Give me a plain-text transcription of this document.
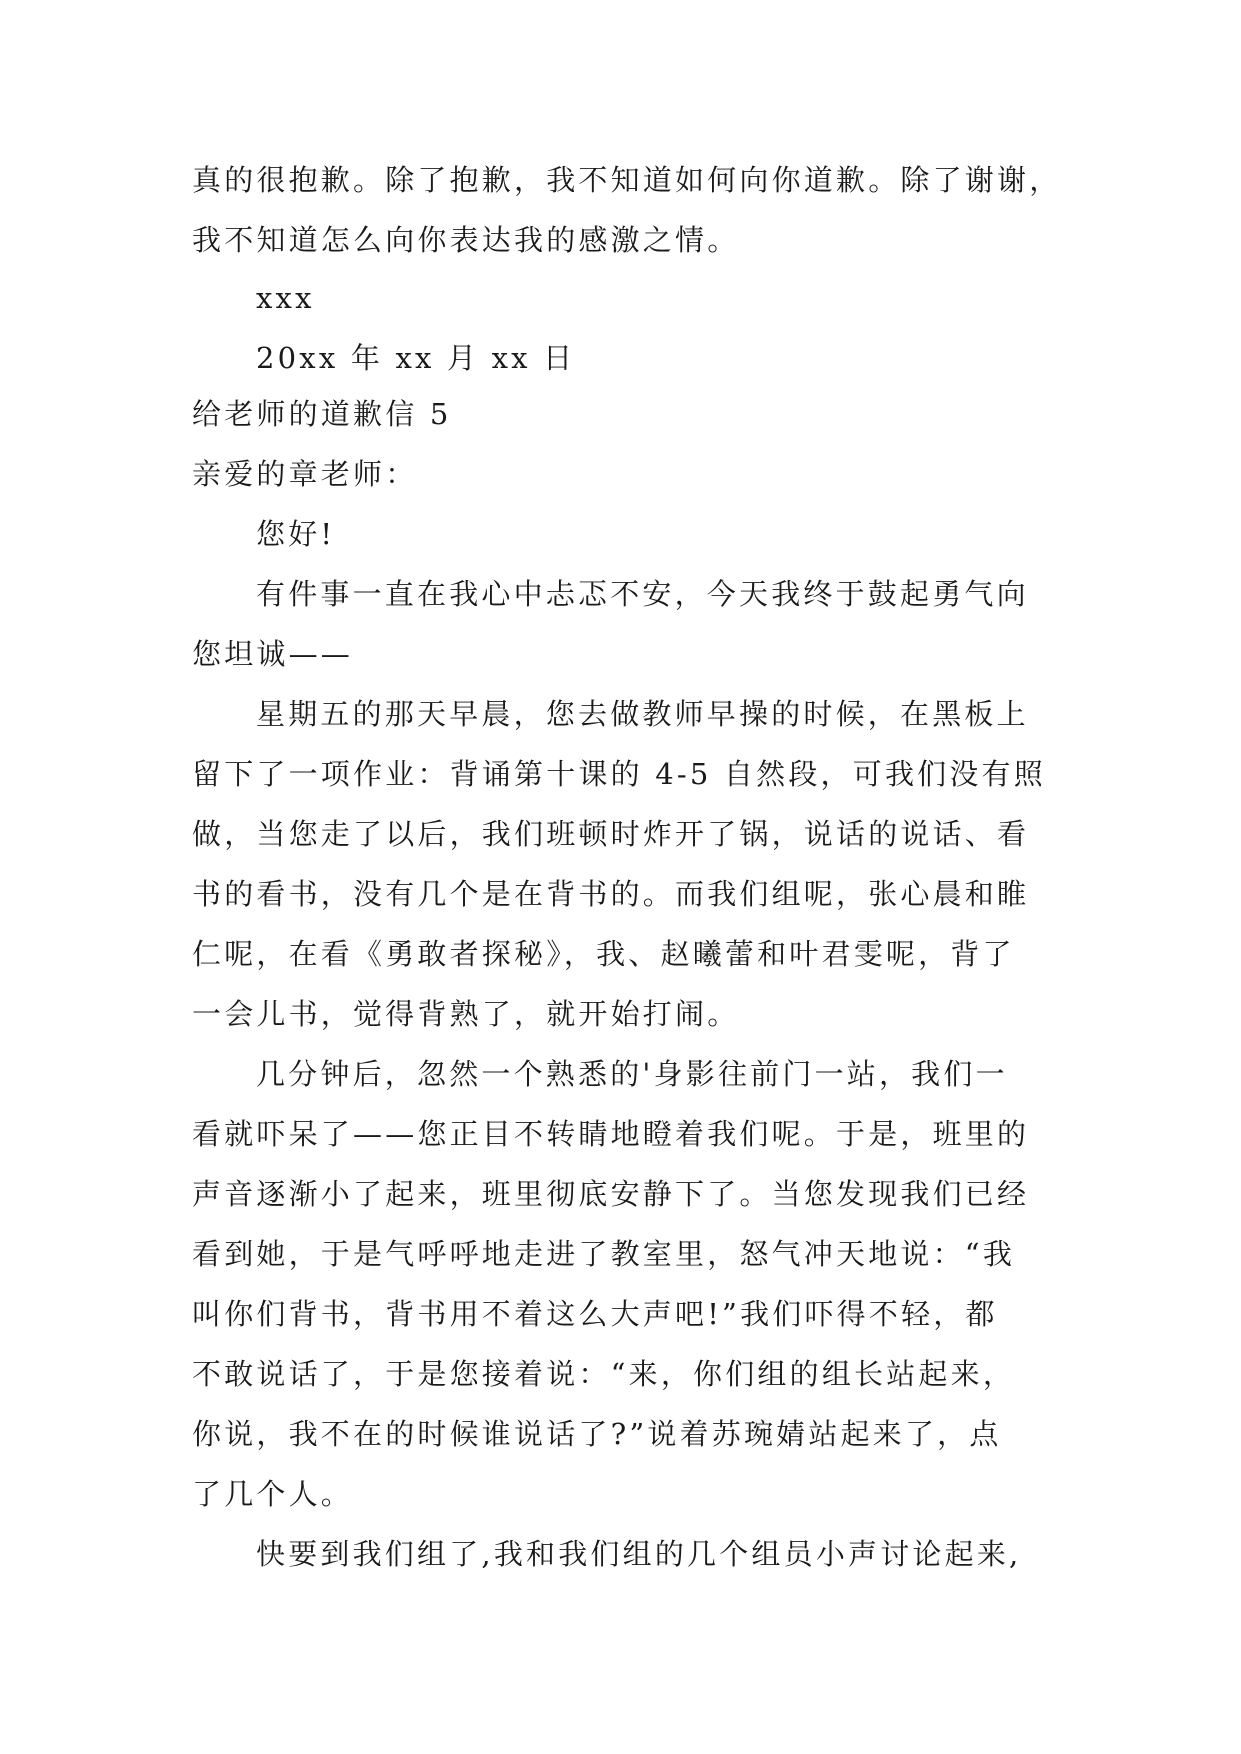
真的很抱歉。除了抱歉，我不知道如何向你道歉。除了谢谢，

我不知道怎么向你表达我的感激之情。

xxx

20xx 年 xx 月 xx 日

给老师的道歉信 5

亲爱的章老师：

您好!

有件事一直在我心中忐忑不安，今天我终于鼓起勇气向
您坦诚——
星期五的那天早晨，您去做教师早操的时候，在黑板上
留下了一项作业：背诵第十课的 4-5 自然段，可我们没有照
做，当您走了以后，我们班顿时炸开了锅，说话的说话、看
书的看书，没有几个是在背书的。而我们组呢，张心晨和睢
仁呢，在看《勇敢者探秘》，我、赵曦蕾和叶君雯呢，背了
一会儿书，觉得背熟了，就开始打闹。
几分钟后，忽然一个熟悉的'身影往前门一站，我们一
看就吓呆了——您正目不转睛地瞪着我们呢。于是，班里的
声音逐渐小了起来，班里彻底安静下了。当您发现我们已经
看到她，于是气呼呼地走进了教室里，怒气冲天地说：“我
叫你们背书，背书用不着这么大声吧!”我们吓得不轻，都
不敢说话了，于是您接着说：“来，你们组的组长站起来，
你说，我不在的时候谁说话了?”说着苏琬婧站起来了，点
了几个人。
快要到我们组了,我和我们组的几个组员小声讨论起来,
